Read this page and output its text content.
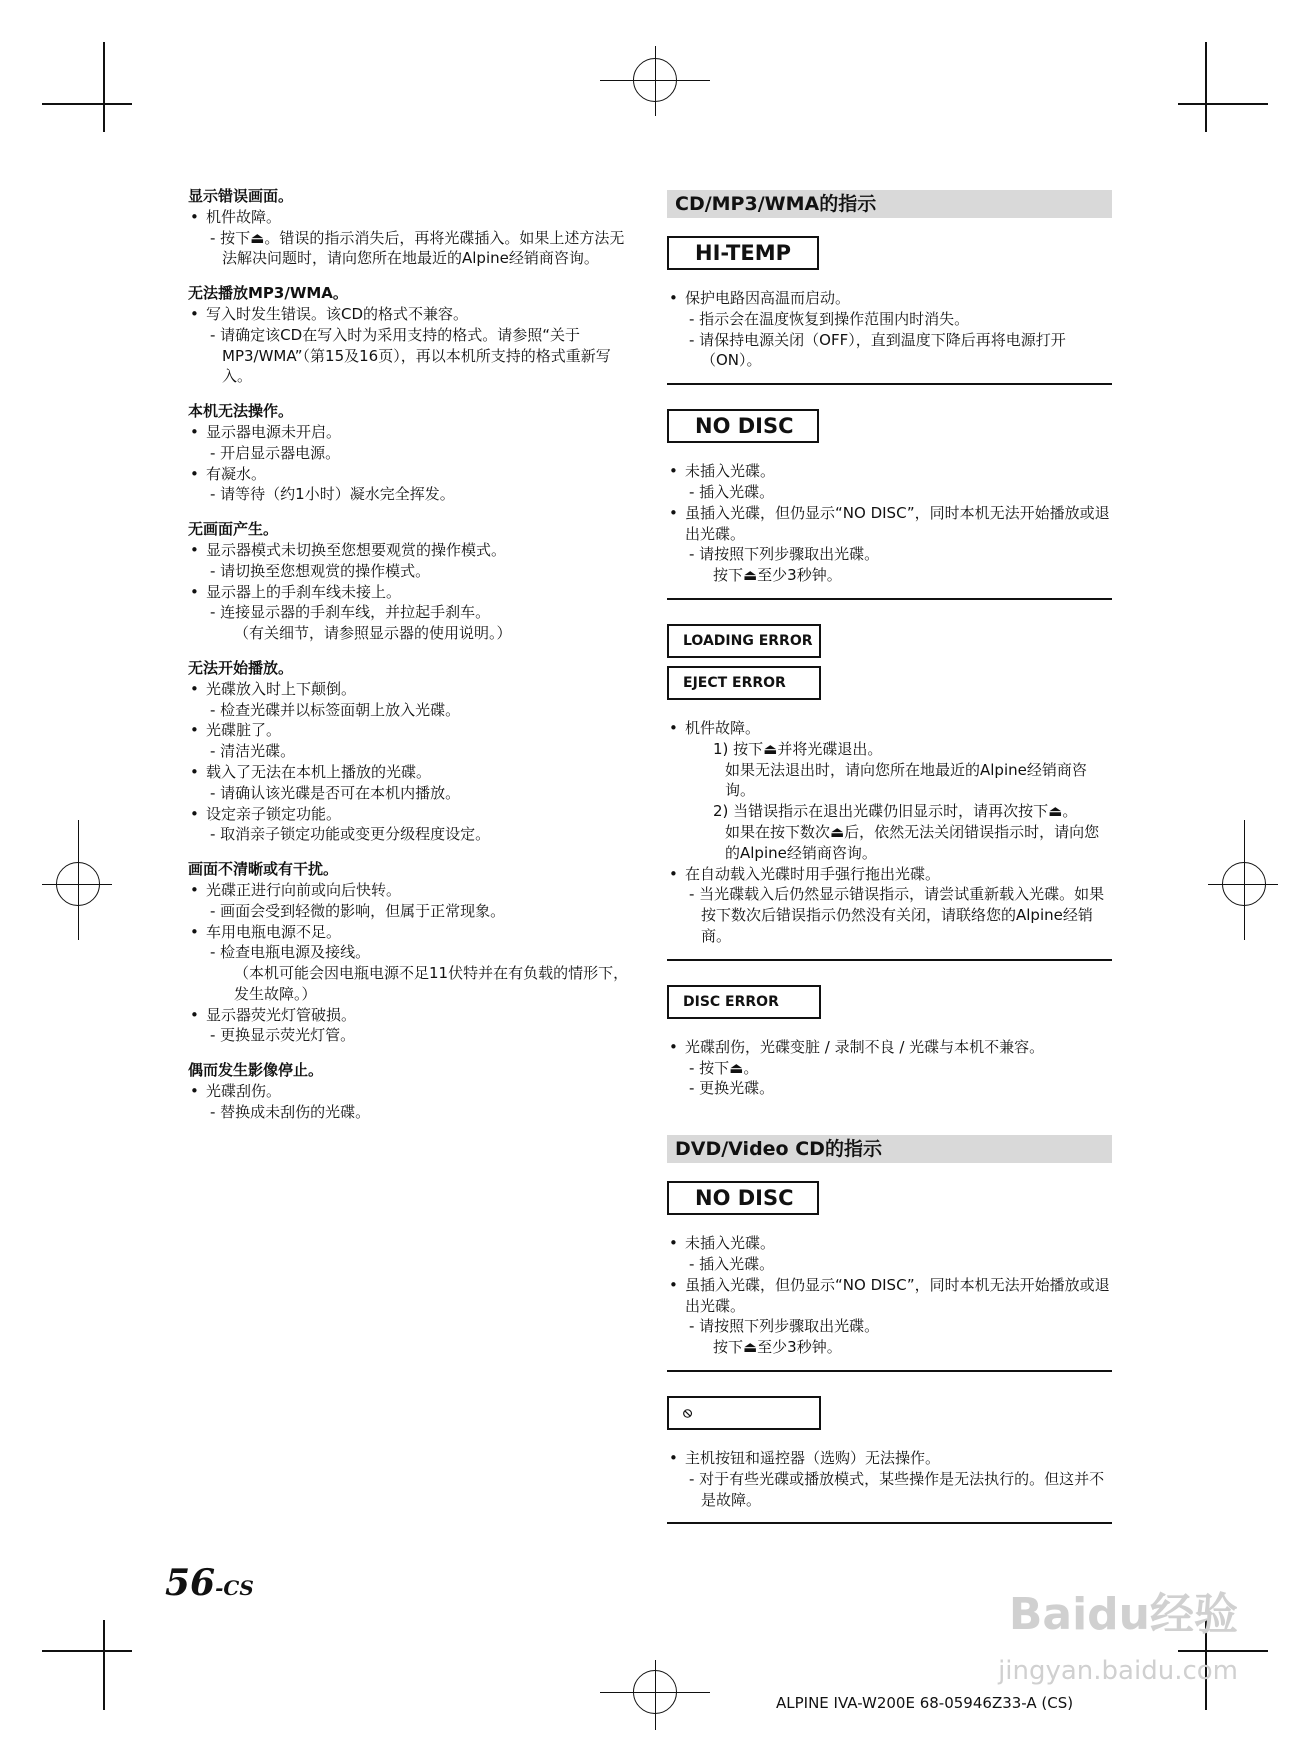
显示错误画面。
• 机件故障。
- 按下⏏。错误的指示消失后，再将光碟插入。如果上述方法无法解决问题时，请向您所在地最近的Alpine经销商咨询。
无法播放MP3/WMA。
• 写入时发生错误。该CD的格式不兼容。
- 请确定该CD在写入时为采用支持的格式。请参照“关于MP3/WMA”（第15及16页），再以本机所支持的格式重新写入。
本机无法操作。
• 显示器电源未开启。
- 开启显示器电源。
• 有凝水。
- 请等待（约1小时）凝水完全挥发。
无画面产生。
• 显示器模式未切换至您想要观赏的操作模式。
- 请切换至您想观赏的操作模式。
• 显示器上的手刹车线未接上。
- 连接显示器的手刹车线，并拉起手刹车。
（有关细节，请参照显示器的使用说明。）
无法开始播放。
• 光碟放入时上下颠倒。
- 检查光碟并以标签面朝上放入光碟。
• 光碟脏了。
- 清洁光碟。
• 载入了无法在本机上播放的光碟。
- 请确认该光碟是否可在本机内播放。
• 设定亲子锁定功能。
- 取消亲子锁定功能或变更分级程度设定。
画面不清晰或有干扰。
• 光碟正进行向前或向后快转。
- 画面会受到轻微的影响，但属于正常现象。
• 车用电瓶电源不足。
- 检查电瓶电源及接线。
（本机可能会因电瓶电源不足11伏特并在有负载的情形下，发生故障。）
• 显示器荧光灯管破损。
- 更换显示荧光灯管。
偶而发生影像停止。
• 光碟刮伤。
- 替换成未刮伤的光碟。
CD/MP3/WMA的指示
HI-TEMP
• 保护电路因高温而启动。
- 指示会在温度恢复到操作范围内时消失。
- 请保持电源关闭（OFF），直到温度下降后再将电源打开（ON）。
NO DISC
• 未插入光碟。
- 插入光碟。
• 虽插入光碟，但仍显示“NO DISC”，同时本机无法开始播放或退出光碟。
- 请按照下列步骤取出光碟。
按下⏏至少3秒钟。
LOADING ERROR
EJECT ERROR
• 机件故障。
1) 按下⏏并将光碟退出。
如果无法退出时，请向您所在地最近的Alpine经销商咨询。
2) 当错误指示在退出光碟仍旧显示时，请再次按下⏏。
如果在按下数次⏏后，依然无法关闭错误指示时，请向您的Alpine经销商咨询。
• 在自动载入光碟时用手强行拖出光碟。
- 当光碟载入后仍然显示错误指示，请尝试重新载入光碟。如果按下数次后错误指示仍然没有关闭，请联络您的Alpine经销商。
DISC ERROR
• 光碟刮伤，光碟变脏 / 录制不良 / 光碟与本机不兼容。
- 按下⏏。
- 更换光碟。
DVD/Video CD的指示
NO DISC
• 未插入光碟。
- 插入光碟。
• 虽插入光碟，但仍显示“NO DISC”，同时本机无法开始播放或退出光碟。
- 请按照下列步骤取出光碟。
按下⏏至少3秒钟。
⦸
• 主机按钮和遥控器（选购）无法操作。
- 对于有些光碟或播放模式，某些操作是无法执行的。但这并不是故障。
56-CS
ALPINE IVA-W200E 68-05946Z33-A (CS)
Baidu经验
jingyan.baidu.com
